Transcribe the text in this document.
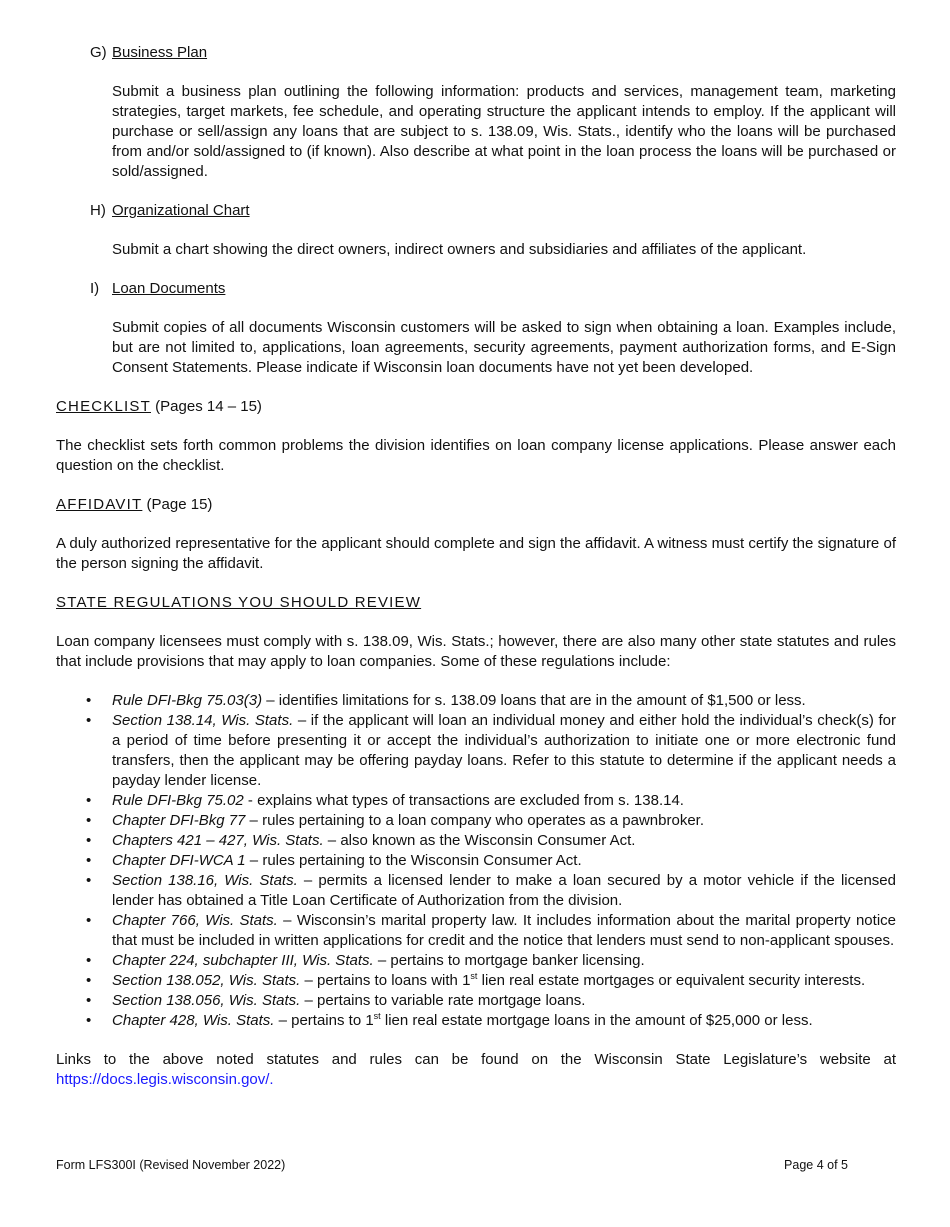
G) Business Plan

Submit a business plan outlining the following information: products and services, management team, marketing strategies, target markets, fee schedule, and operating structure the applicant intends to employ. If the applicant will purchase or sell/assign any loans that are subject to s. 138.09, Wis. Stats., identify who the loans will be purchased from and/or sold/assigned to (if known). Also describe at what point in the loan process the loans will be purchased or sold/assigned.

H) Organizational Chart

Submit a chart showing the direct owners, indirect owners and subsidiaries and affiliates of the applicant.

I) Loan Documents

Submit copies of all documents Wisconsin customers will be asked to sign when obtaining a loan. Examples include, but are not limited to, applications, loan agreements, security agreements, payment authorization forms, and E-Sign Consent Statements. Please indicate if Wisconsin loan documents have not yet been developed.

CHECKLIST (Pages 14 – 15)

The checklist sets forth common problems the division identifies on loan company license applications. Please answer each question on the checklist.

AFFIDAVIT (Page 15)

A duly authorized representative for the applicant should complete and sign the affidavit. A witness must certify the signature of the person signing the affidavit.

STATE REGULATIONS YOU SHOULD REVIEW

Loan company licensees must comply with s. 138.09, Wis. Stats.; however, there are also many other state statutes and rules that include provisions that may apply to loan companies. Some of these regulations include:

• Rule DFI-Bkg 75.03(3) – identifies limitations for s. 138.09 loans that are in the amount of $1,500 or less.
• Section 138.14, Wis. Stats. – if the applicant will loan an individual money and either hold the individual’s check(s) for a period of time before presenting it or accept the individual’s authorization to initiate one or more electronic fund transfers, then the applicant may be offering payday loans. Refer to this statute to determine if the applicant needs a payday lender license.
• Rule DFI-Bkg 75.02 - explains what types of transactions are excluded from s. 138.14.
• Chapter DFI-Bkg 77 – rules pertaining to a loan company who operates as a pawnbroker.
• Chapters 421 – 427, Wis. Stats. – also known as the Wisconsin Consumer Act.
• Chapter DFI-WCA 1 – rules pertaining to the Wisconsin Consumer Act.
• Section 138.16, Wis. Stats. – permits a licensed lender to make a loan secured by a motor vehicle if the licensed lender has obtained a Title Loan Certificate of Authorization from the division.
• Chapter 766, Wis. Stats. – Wisconsin’s marital property law. It includes information about the marital property notice that must be included in written applications for credit and the notice that lenders must send to non-applicant spouses.
• Chapter 224, subchapter III, Wis. Stats. – pertains to mortgage banker licensing.
• Section 138.052, Wis. Stats. – pertains to loans with 1st lien real estate mortgages or equivalent security interests.
• Section 138.056, Wis. Stats. – pertains to variable rate mortgage loans.
• Chapter 428, Wis. Stats. – pertains to 1st lien real estate mortgage loans in the amount of $25,000 or less.

Links to the above noted statutes and rules can be found on the Wisconsin State Legislature’s website at https://docs.legis.wisconsin.gov/.

Form LFS300I (Revised November 2022)	Page 4 of 5
